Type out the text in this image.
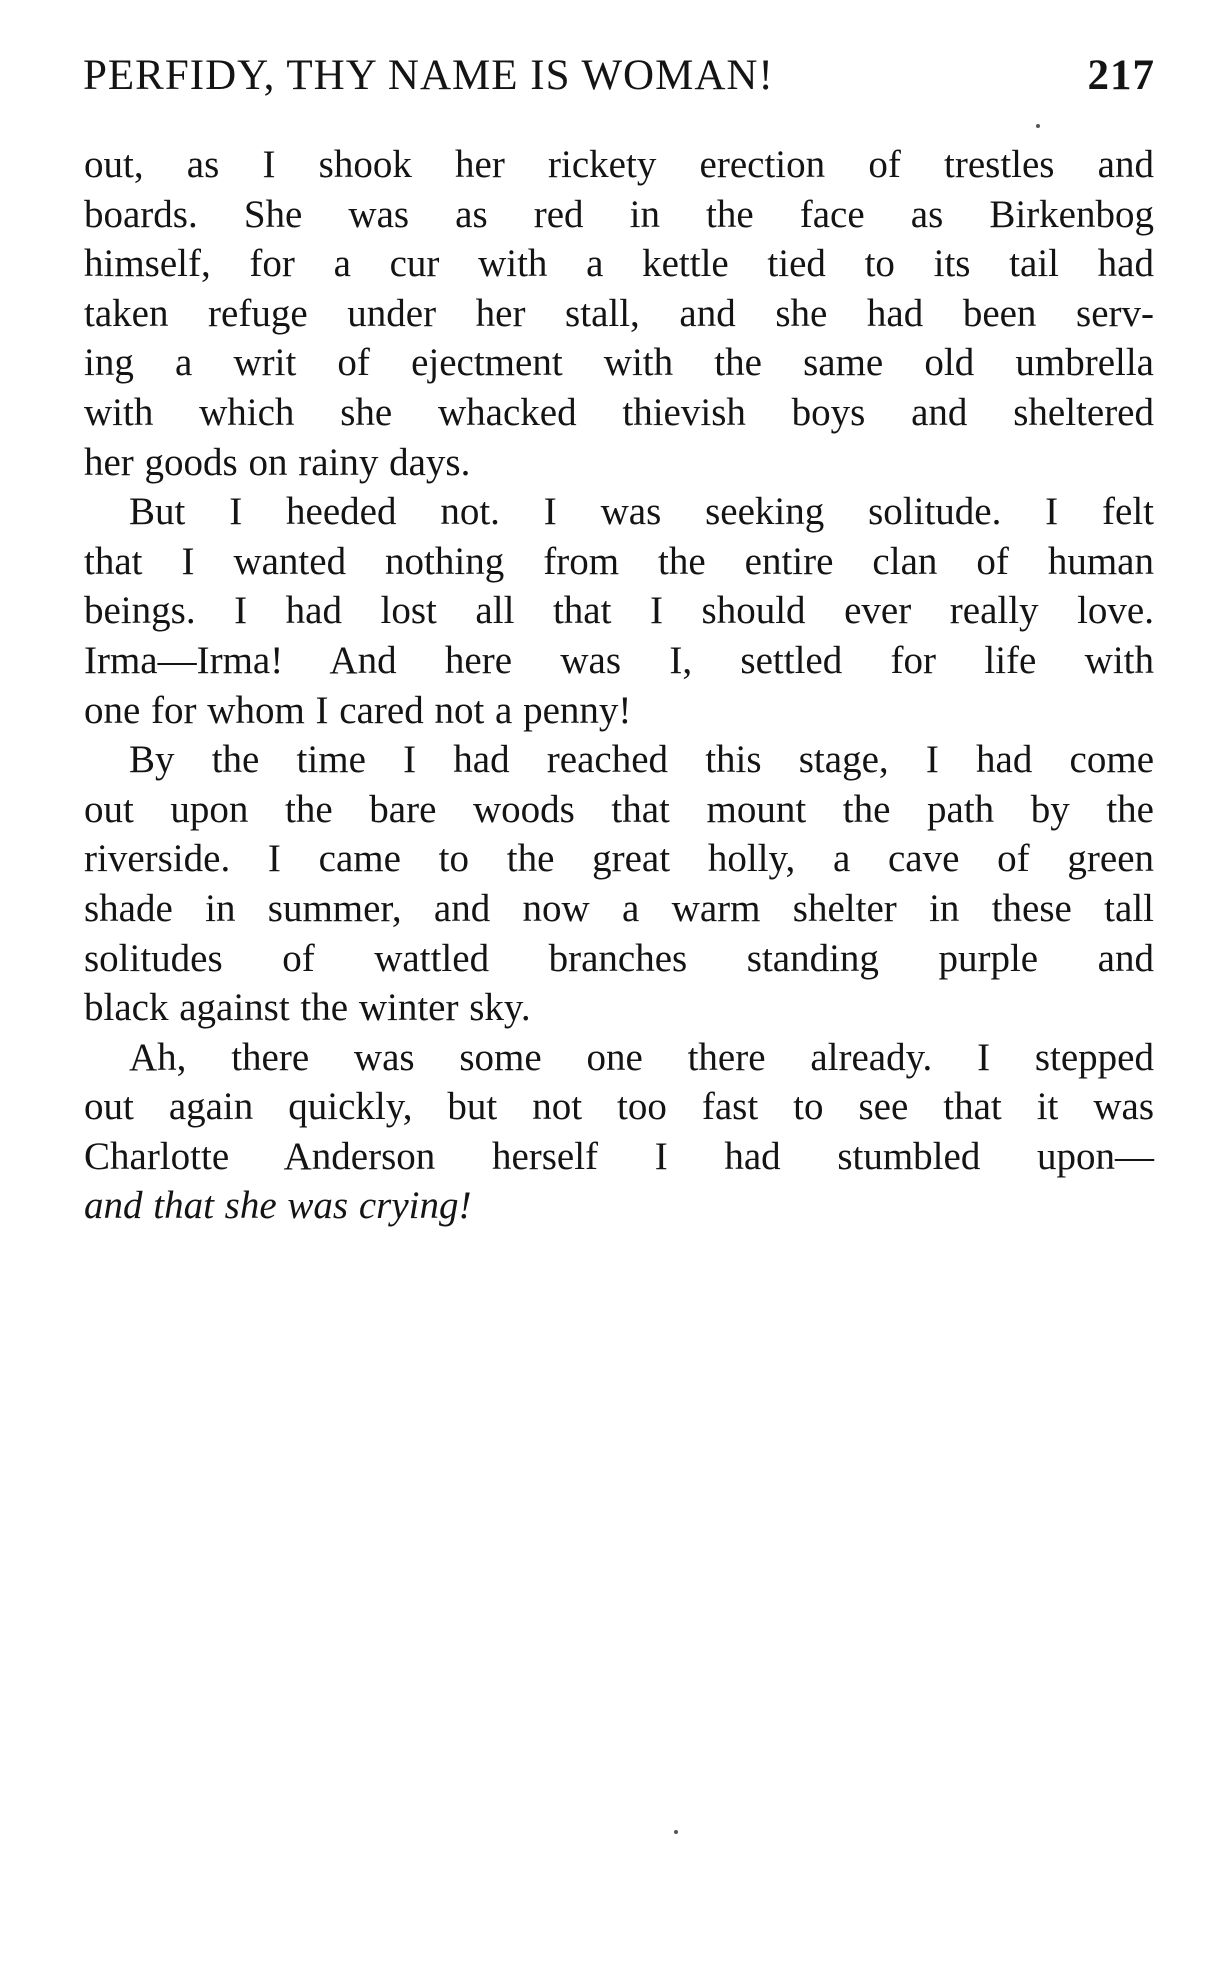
PERFIDY, THY NAME IS WOMAN!	217
out, as I shook her rickety erection of trestles and
boards. She was as red in the face as Birkenbog
himself, for a cur with a kettle tied to its tail had
taken refuge under her stall, and she had been serv-
ing a writ of ejectment with the same old umbrella
with which she whacked thievish boys and sheltered
her goods on rainy days.
But I heeded not. I was seeking solitude. I felt
that I wanted nothing from the entire clan of human
beings. I had lost all that I should ever really love.
Irma—Irma! And here was I, settled for life with
one for whom I cared not a penny!
By the time I had reached this stage, I had come
out upon the bare woods that mount the path by the
riverside. I came to the great holly, a cave of green
shade in summer, and now a warm shelter in these tall
solitudes of wattled branches standing purple and
black against the winter sky.
Ah, there was some one there already. I stepped
out again quickly, but not too fast to see that it was
Charlotte Anderson herself I had stumbled upon—
and that she was crying!
